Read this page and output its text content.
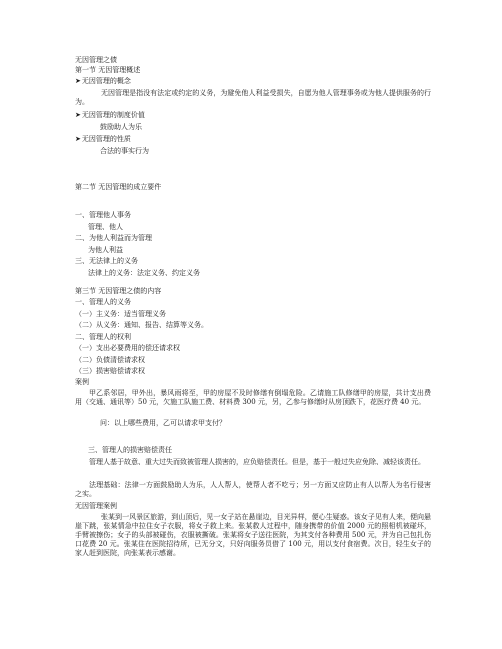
无因管理之债
第一节 无因管理概述
➤无因管理的概念
无因管理是指没有法定或约定的义务，为避免他人利益受损失，自愿为他人管理事务或为他人提供服务的行为。
➤无因管理的制度价值
鼓励助人为乐
➤无因管理的性质
合法的事实行为
第二节 无因管理的成立要件
一、管理他人事务
管理、他人
二、为他人利益而为管理
为他人利益
三、无法律上的义务
法律上的义务：法定义务、约定义务
第三节 无因管理之债的内容
一、管理人的义务
（一）主义务：适当管理义务
（二）从义务：通知、报告、结算等义务。
二、管理人的权利
（一）支出必要费用的偿还请求权
（二）负债清偿请求权
（三）损害赔偿请求权
案例
甲乙系邻居，甲外出，暴风雨将至，甲的房屋不及时修缮有倒塌危险。乙请施工队修缮甲的房屋，共计支出费用（交通、通讯等）50 元，欠施工队施工费、材料费 300 元，另，乙参与修缮时从房顶跌下，花医疗费 40 元。
问：以上哪些费用，乙可以请求甲支付？
三、管理人的损害赔偿责任
管理人基于故意、重大过失而致被管理人损害的，应负赔偿责任。但是，基于一般过失应免除、减轻该责任。
法理基础：法律一方面鼓励助人为乐，人人帮人，使帮人者不吃亏；另一方面又应防止有人以帮人为名行侵害之实。
无因管理案例
张某到一风景区旅游，到山顶后，见一女子站在悬崖边，目光异样，便心生疑惑。该女子见有人来，便向悬崖下跳，张某情急中拉住女子衣服，将女子救上来。张某救人过程中，随身携带的价值 2000 元的照相机被碰坏，手臂被擦伤；女子的头部被碰伤，衣服被撕破。张某将女子送往医院，为其支付各种费用 500 元，并为自己包扎伤口花费 20 元。张某住在医院招待所，已无分文，只好向服务员借了 100 元，用以支付食宿费。次日，轻生女子的家人赶到医院，向张某表示感谢。
